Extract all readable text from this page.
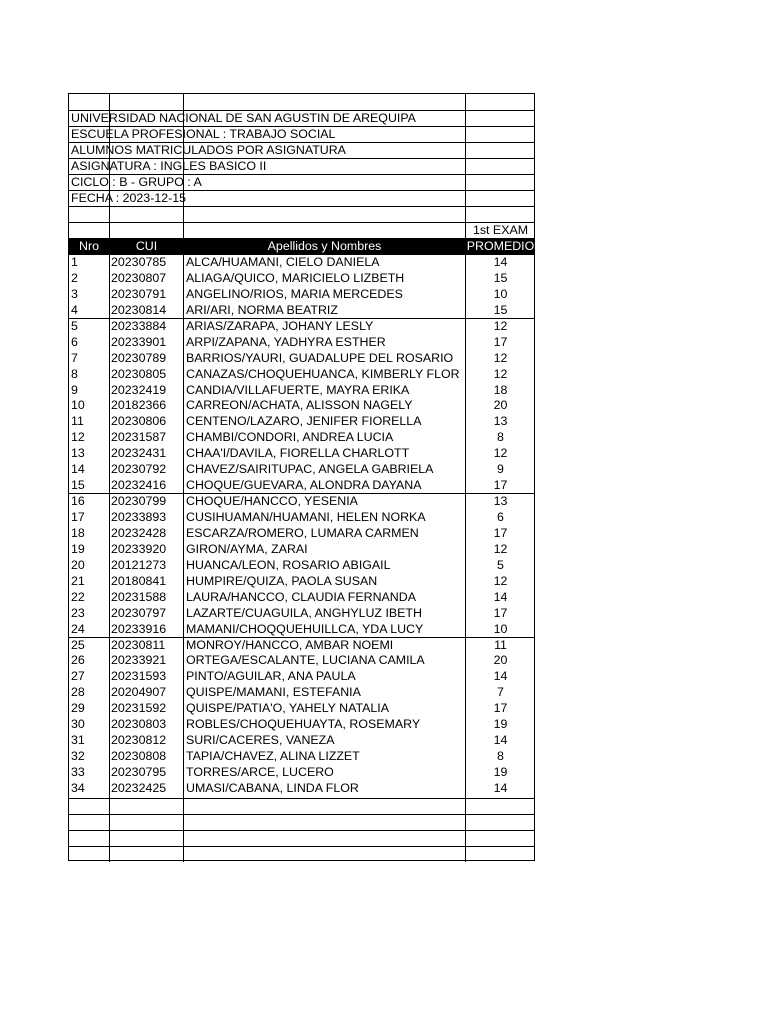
UNIVERSIDAD NACIONAL DE SAN AGUSTIN DE AREQUIPA
ESCUELA PROFESIONAL : TRABAJO SOCIAL
ALUMNOS MATRICULADOS POR ASIGNATURA
ASIGNATURA : INGLES BASICO II
CICLO : B - GRUPO : A
FECHA : 2023-12-15
1st EXAM
Nro	CUI	Apellidos y Nombres	PROMEDIO
1	20230785 ALCA/HUAMANI, CIELO DANIELA	14
2	20230807 ALIAGA/QUICO, MARICIELO LIZBETH	15
3	20230791 ANGELINO/RIOS, MARIA MERCEDES	10
4	20230814 ARI/ARI, NORMA BEATRIZ	15
5	20233884 ARIAS/ZARAPA, JOHANY LESLY	12
6	20233901 ARPI/ZAPANA, YADHYRA ESTHER	17
7	20230789 BARRIOS/YAURI, GUADALUPE DEL ROSARIO	12
8	20230805 CANAZAS/CHOQUEHUANCA, KIMBERLY FLOR	12
9	20232419 CANDIA/VILLAFUERTE, MAYRA ERIKA	18
10 20182366 CARREON/ACHATA, ALISSON NAGELY	20
11 20230806 CENTENO/LAZARO, JENIFER FIORELLA	13
12 20231587 CHAMBI/CONDORI, ANDREA LUCIA	8
13 20232431 CHAA'I/DAVILA, FIORELLA CHARLOTT	12
14 20230792 CHAVEZ/SAIRITUPAC, ANGELA GABRIELA	9
15 20232416 CHOQUE/GUEVARA, ALONDRA DAYANA	17
16 20230799 CHOQUE/HANCCO, YESENIA	13
17 20233893 CUSIHUAMAN/HUAMANI, HELEN NORKA	6
18 20232428 ESCARZA/ROMERO, LUMARA CARMEN	17
19 20233920 GIRON/AYMA, ZARAI	12
20 20121273 HUANCA/LEON, ROSARIO ABIGAIL	5
21 20180841 HUMPIRE/QUIZA, PAOLA SUSAN	12
22 20231588 LAURA/HANCCO, CLAUDIA FERNANDA	14
23 20230797 LAZARTE/CUAGUILA, ANGHYLUZ IBETH	17
24 20233916 MAMANI/CHOQQUEHUILLCA, YDA LUCY	10
25 20230811 MONROY/HANCCO, AMBAR NOEMI	11
26 20233921 ORTEGA/ESCALANTE, LUCIANA CAMILA	20
27 20231593 PINTO/AGUILAR, ANA PAULA	14
28 20204907 QUISPE/MAMANI, ESTEFANIA	7
29 20231592 QUISPE/PATIA'O, YAHELY NATALIA	17
30 20230803 ROBLES/CHOQUEHUAYTA, ROSEMARY	19
31 20230812 SURI/CACERES, VANEZA	14
32 20230808 TAPIA/CHAVEZ, ALINA LIZZET	8
33 20230795 TORRES/ARCE, LUCERO	19
34 20232425 UMASI/CABANA, LINDA FLOR	14
